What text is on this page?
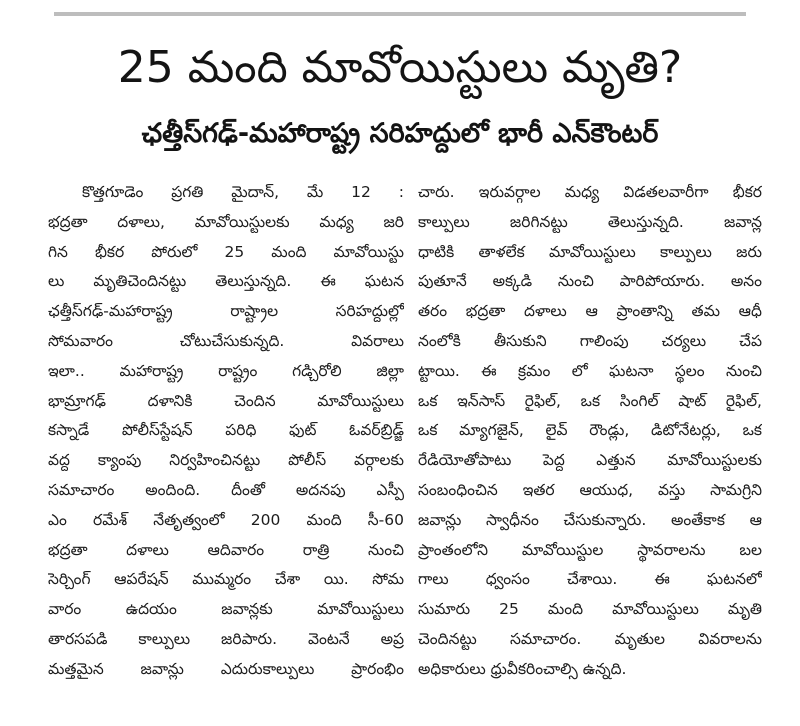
25 మంది మావోయిస్టులు మృతి?
ఛత్తీస్‌గఢ్-మహారాష్ట్ర సరిహద్దులో భారీ ఎన్‌కౌంటర్
కొత్తగూడెం ప్రగతి మైదాన్, మే 12 :
భద్రతా దళాలు, మావోయిస్టులకు మధ్య జరి
గిన భీకర పోరులో 25 మంది మావోయిస్టు
లు మృతిచెందినట్టు తెలుస్తున్నది. ఈ ఘటన
ఛత్తీస్‌గఢ్-మహారాష్ట్ర రాష్ట్రాల సరిహద్దుల్లో
సోమవారం చోటుచేసుకున్నది. వివరాలు
ఇలా.. మహారాష్ట్ర రాష్ట్రం గడ్చిరోలి జిల్లా
భామ్రాగఢ్ దళానికి చెందిన మావోయిస్టులు
కస్నాడే పోలీస్‌స్టేషన్ పరిధి ఫుట్ ఓవర్‌బ్రిడ్జ్
వద్ద క్యాంపు నిర్వహించినట్టు పోలీస్ వర్గాలకు
సమాచారం అందింది. దీంతో అదనపు ఎస్పీ
ఎం రమేశ్ నేతృత్వంలో 200 మంది సీ-60
భద్రతా దళాలు ఆదివారం రాత్రి నుంచి
సెర్చింగ్ ఆపరేషన్ ముమ్మరం చేశా యి. సోమ
వారం ఉదయం జవాన్లకు మావోయిస్టులు
తారసపడి కాల్పులు జరిపారు. వెంటనే అప్ర
మత్తమైన జవాన్లు ఎదురుకాల్పులు ప్రారంభిం
చారు. ఇరువర్గాల మధ్య విడతలవారీగా భీకర
కాల్పులు జరిగినట్టు తెలుస్తున్నది. జవాన్ల
ధాటికి తాళలేక మావోయిస్టులు కాల్పులు జరు
పుతూనే అక్కడి నుంచి పారిపోయారు. అనం
తరం భద్రతా దళాలు ఆ ప్రాంతాన్ని తమ ఆధీ
నంలోకి తీసుకుని గాలింపు చర్యలు చేప
ట్టాయి. ఈ క్రమం లో ఘటనా స్థలం నుంచి
ఒక ఇన్‌సాస్ రైఫిల్, ఒక సింగిల్ షాట్ రైఫిల్,
ఒక మ్యాగజైన్, లైవ్ రౌండ్లు, డిటోనేటర్లు, ఒక
రేడియోతోపాటు పెద్ద ఎత్తున మావోయిస్టులకు
సంబంధించిన ఇతర ఆయుధ, వస్తు సామగ్రిని
జవాన్లు స్వాధీనం చేసుకున్నారు. అంతేకాక ఆ
ప్రాంతంలోని మావోయిస్టుల స్థావరాలను బల
గాలు ధ్వంసం చేశాయి. ఈ ఘటనలో
సుమారు 25 మంది మావోయిస్టులు మృతి
చెందినట్టు సమాచారం. మృతుల వివరాలను
అధికారులు ధ్రువీకరించాల్సి ఉన్నది.
